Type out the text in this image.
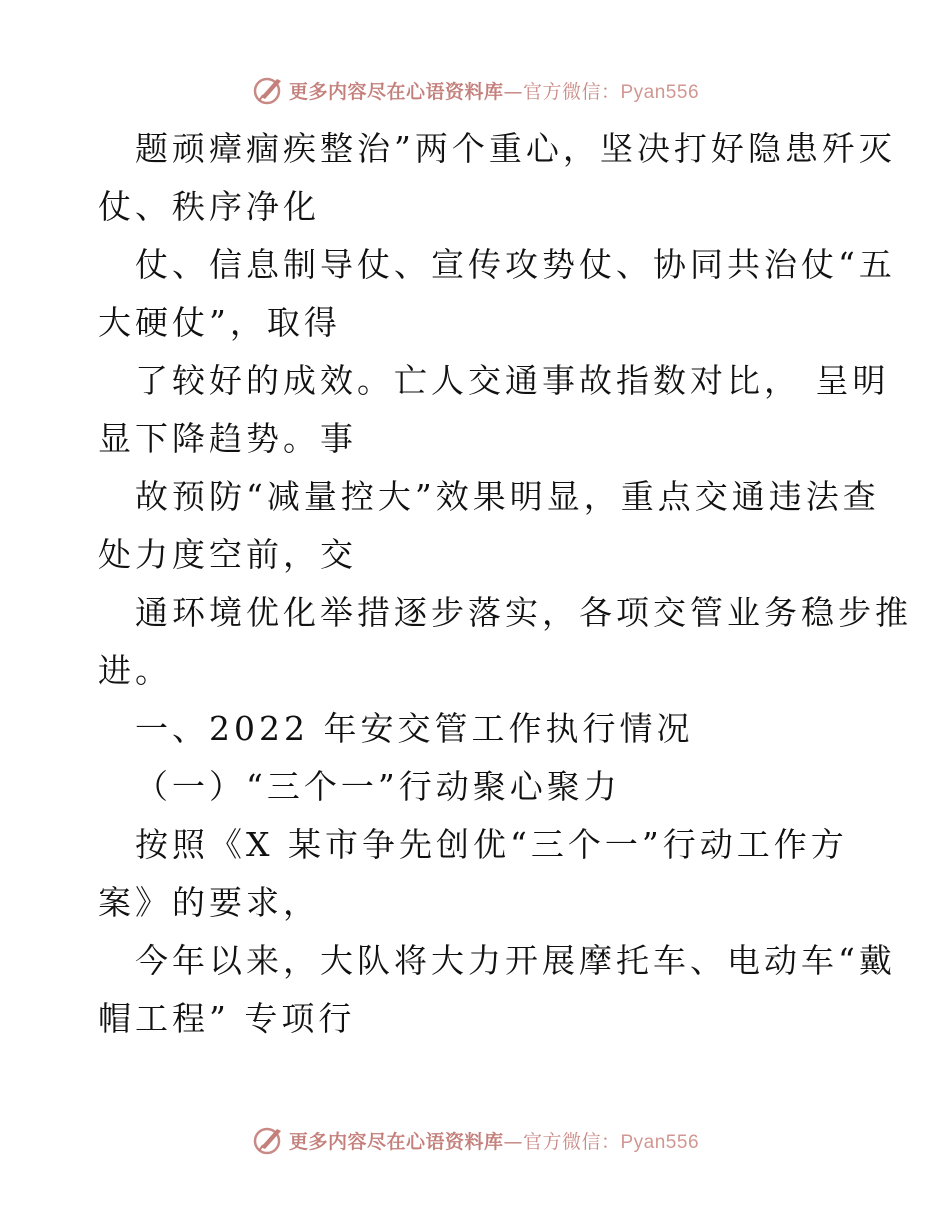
更多内容尽在心语资料库—官方微信：Pyan556
题顽瘴痼疾整治”两个重心，坚决打好隐患歼灭
仗、秩序净化
仗、信息制导仗、宣传攻势仗、协同共治仗“五
大硬仗”，取得
了较好的成效。亡人交通事故指数对比， 呈明
显下降趋势。事
故预防“减量控大”效果明显，重点交通违法查
处力度空前，交
通环境优化举措逐步落实，各项交管业务稳步推
进。
一、2022 年安交管工作执行情况
（一）“三个一”行动聚心聚力
按照《X 某市争先创优“三个一”行动工作方
案》的要求，
今年以来，大队将大力开展摩托车、电动车“戴
帽工程” 专项行
更多内容尽在心语资料库—官方微信：Pyan556
